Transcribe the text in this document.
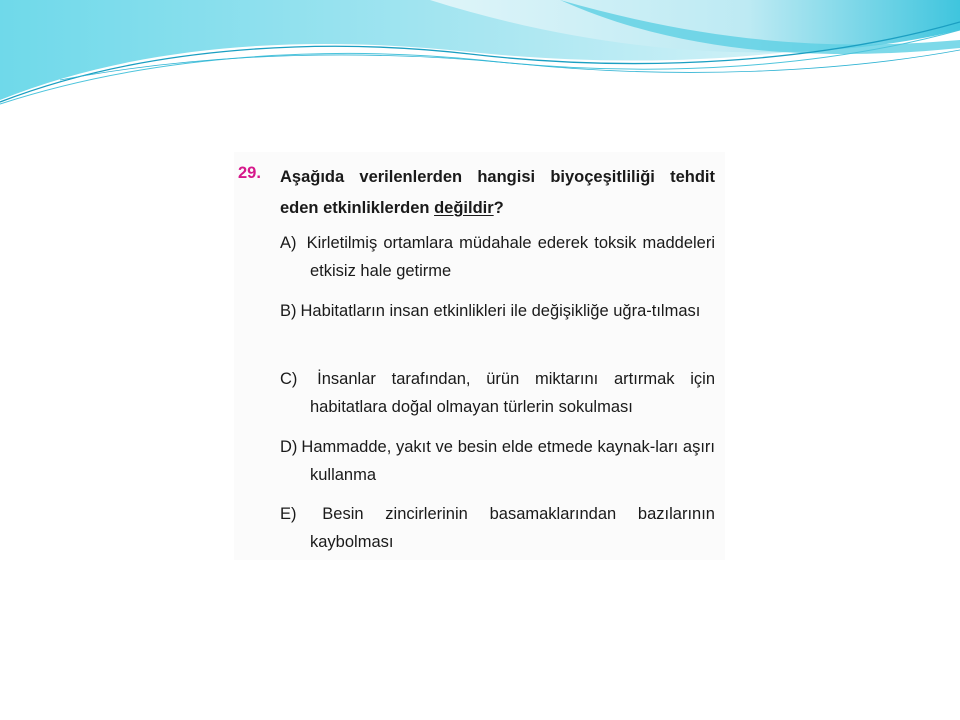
29. Aşağıda verilenlerden hangisi biyoçeşitliliği tehdit eden etkinliklerden değildir?
A) Kirletilmiş ortamlara müdahale ederek toksik maddeleri etkisiz hale getirme
B) Habitatların insan etkinlikleri ile değişikliğe uğra-tılması
C) İnsanlar tarafından, ürün miktarını artırmak için habitatlara doğal olmayan türlerin sokulması
D) Hammadde, yakıt ve besin elde etmede kaynak-ları aşırı kullanma
E) Besin zincirlerinin basamaklarından bazılarının kaybolması
